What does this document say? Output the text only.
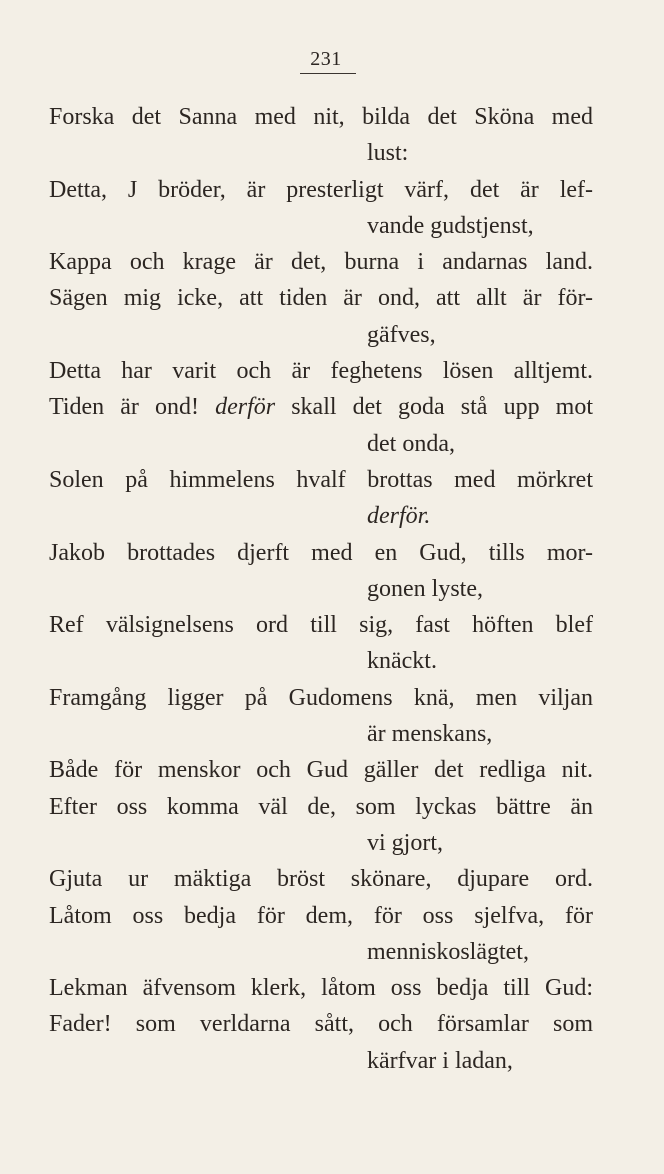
231
Forska det Sanna med nit, bilda det Sköna med
lust:
Detta, J bröder, är presterligt värf, det är lef-
vande gudstjenst,
Kappa och krage är det, burna i andarnas land.
Sägen mig icke, att tiden är ond, att allt är för-
gäfves,
Detta har varit och är feghetens lösen alltjemt.
Tiden är ond! derför skall det goda stå upp mot
det onda,
Solen på himmelens hvalf brottas med mörkret
derför.
Jakob brottades djerft med en Gud, tills mor-
gonen lyste,
Ref välsignelsens ord till sig, fast höften blef
knäckt.
Framgång ligger på Gudomens knä, men viljan
är menskans,
Både för menskor och Gud gäller det redliga nit.
Efter oss komma väl de, som lyckas bättre än
vi gjort,
Gjuta ur mäktiga bröst skönare, djupare ord.
Låtom oss bedja för dem, för oss sjelfva, för
menniskoslägtet,
Lekman äfvensom klerk, låtom oss bedja till Gud:
Fader! som verldarna sått, och församlar som
kärfvar i ladan,
